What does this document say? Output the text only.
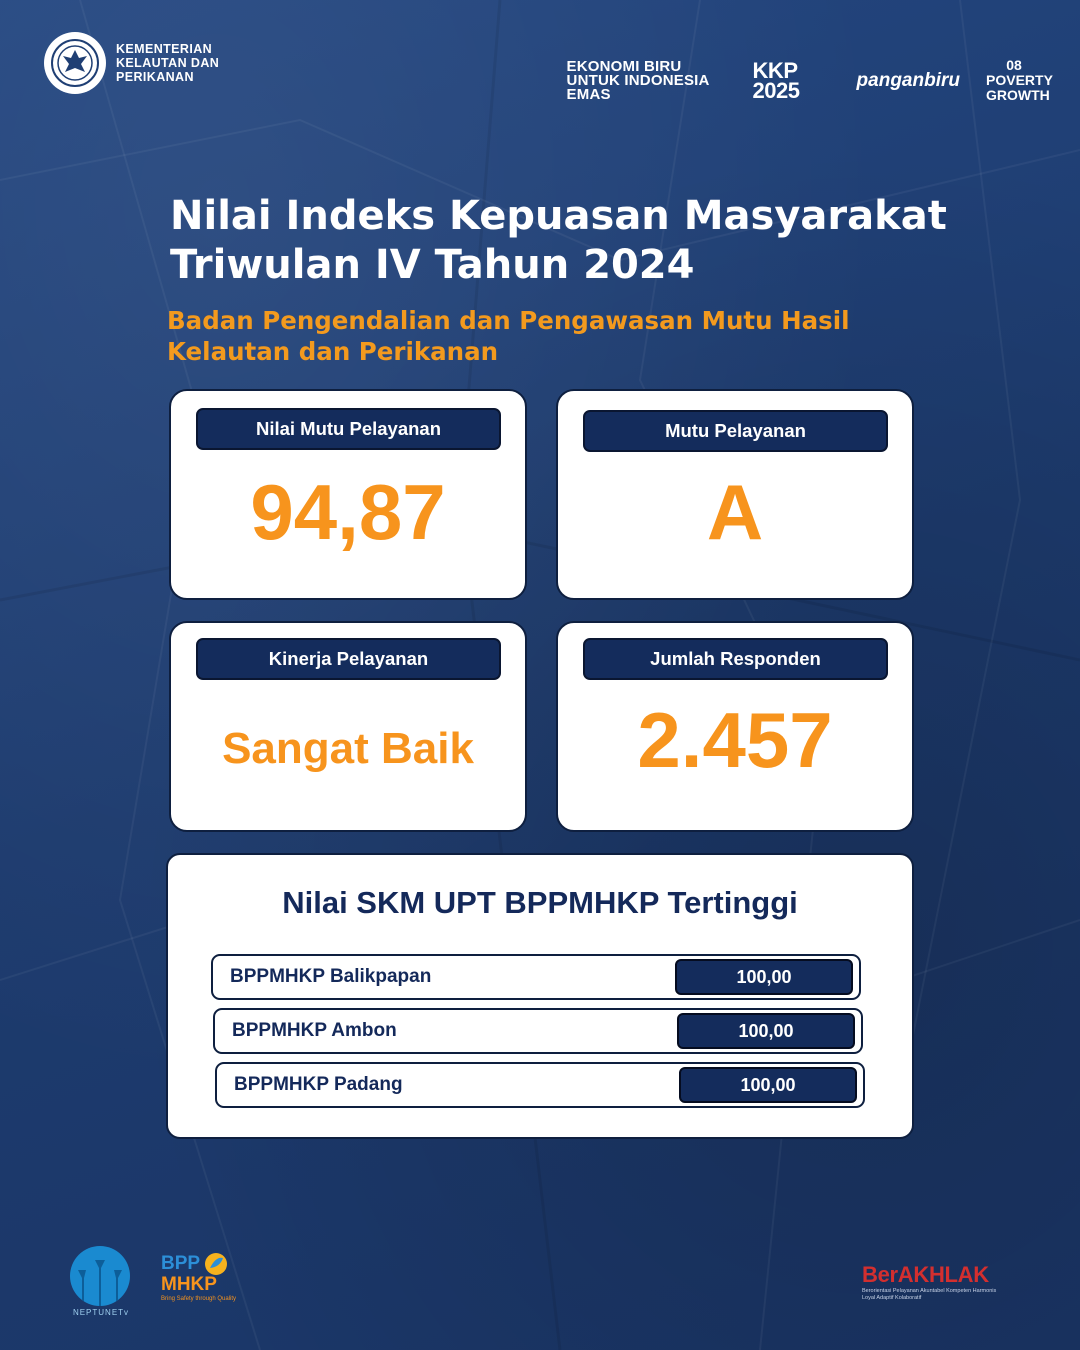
KEMENTERIAN KELAUTAN DAN PERIKANAN
EKONOMI BIRU UNTUK INDONESIA EMAS
KKP 2025	panganbiru
08 POVERTY GROWTH
Nilai Indeks Kepuasan Masyarakat Triwulan IV Tahun 2024
Badan Pengendalian dan Pengawasan Mutu Hasil Kelautan dan Perikanan
Nilai Mutu Pelayanan
94,87
Mutu Pelayanan
A
Kinerja Pelayanan
Sangat Baik
Jumlah Responden
2.457
Nilai SKM UPT BPPMHKP Tertinggi
BPPMHKP Balikpapan	100,00
BPPMHKP Ambon	100,00
BPPMHKP Padang	100,00
NEPTUNETv
BPP
MHKP
Bring Safety through Quality
BerAKHLAK
Berorientasi Pelayanan Akuntabel Kompeten Harmonis Loyal Adaptif Kolaboratif
